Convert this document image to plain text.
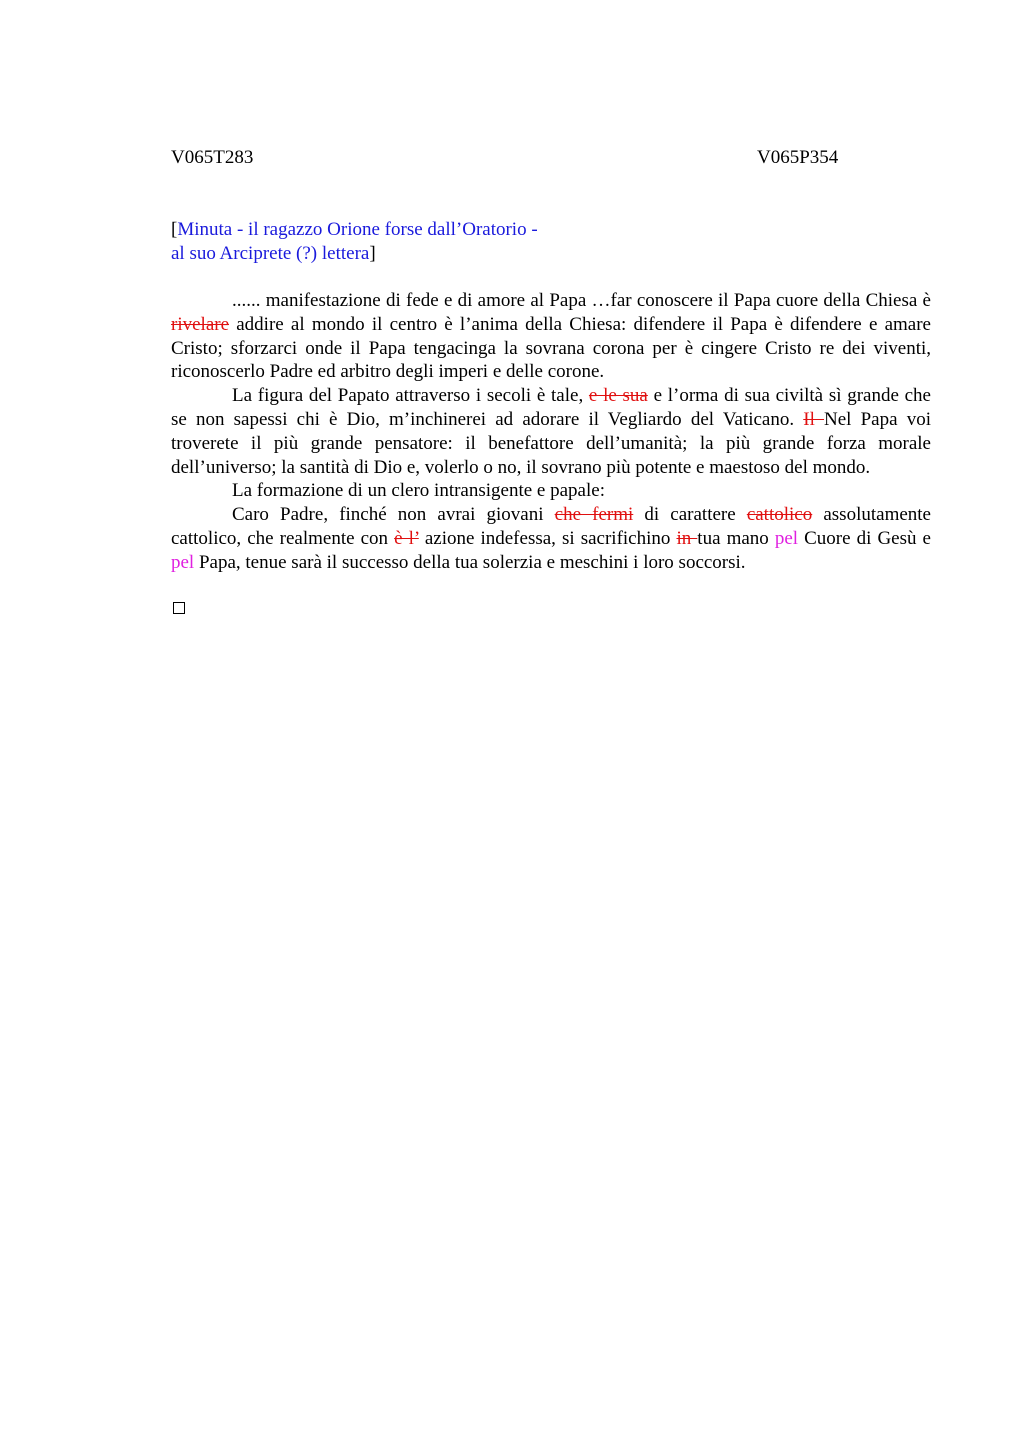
V065T283	V065P354
[Minuta - il ragazzo Orione forse dall’Oratorio -
al suo Arciprete (?) lettera]

...... manifestazione di fede e di amore al Papa …far conoscere il Papa cuore della Chiesa è rivelare addire al mondo il centro è l’anima della Chiesa: difendere il Papa è difendere e amare Cristo; sforzarci onde il Papa tengacinga la sovrana corona per è cingere Cristo re dei viventi, riconoscerlo Padre ed arbitro degli imperi e delle corone.

La figura del Papato attraverso i secoli è tale, e le sua e l’orma di sua civiltà sì grande che se non sapessi chi è Dio, m’inchinerei ad adorare il Vegliardo del Vaticano. Il Nel Papa voi troverete il più grande pensatore: il benefattore dell’umanità; la più grande forza morale dell’universo; la santità di Dio e, volerlo o no, il sovrano più potente e maestoso del mondo.

La formazione di un clero intransigente e papale:

Caro Padre, finché non avrai giovani che fermi di carattere cattolico assolutamente cattolico, che realmente con è l’ azione indefessa, si sacrifichino in tua mano pel Cuore di Gesù e pel Papa, tenue sarà il successo della tua solerzia e meschini i loro soccorsi.
